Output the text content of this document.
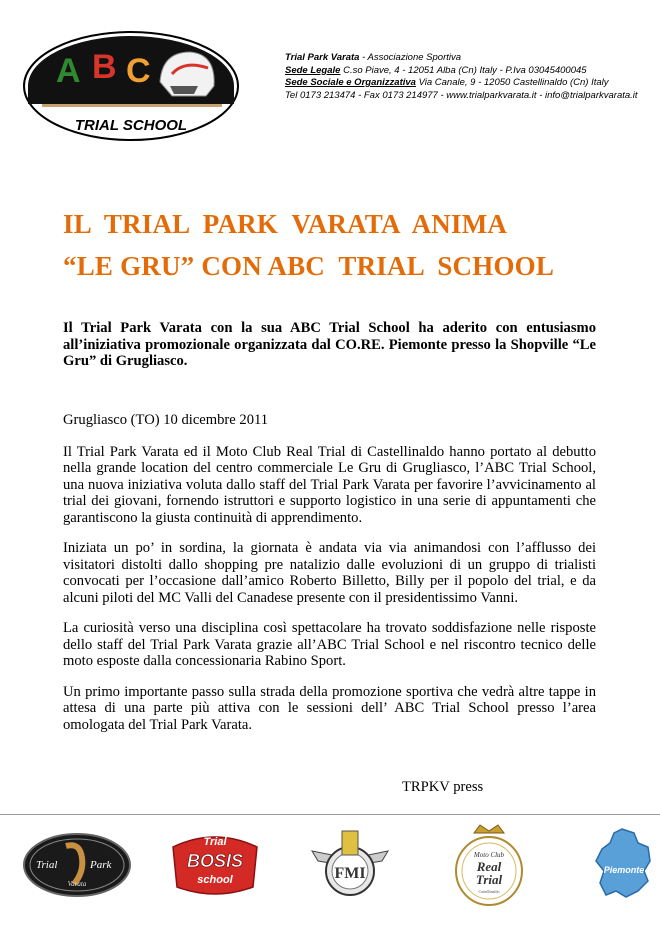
A B C
TRIAL SCHOOL
Trial Park Varata - Associazione Sportiva
Sede Legale C.so Piave, 4 - 12051 Alba (Cn) Italy - P.Iva 03045400045
Sede Sociale e Organizzativa Via Canale, 9 - 12050 Castellinaldo (Cn) Italy
Tel 0173 213474 - Fax 0173 214977 - www.trialparkvarata.it - info@trialparkvarata.it
IL  TRIAL  PARK  VARATA  ANIMA
“LE GRU” CON ABC  TRIAL  SCHOOL

Il Trial Park Varata con la sua ABC Trial School ha aderito con entusiasmo all’iniziativa promozionale organizzata dal CO.RE. Piemonte presso la Shopville “Le Gru” di Grugliasco.

Grugliasco (TO) 10 dicembre 2011

Il Trial Park Varata ed il Moto Club Real Trial di Castellinaldo hanno portato al debutto nella grande location del centro commerciale Le Gru di Grugliasco, l’ABC Trial School, una nuova iniziativa voluta dallo staff del Trial Park Varata per favorire l’avvicinamento al trial dei giovani, fornendo istruttori e supporto logistico in una serie di appuntamenti che garantiscono la giusta continuità di apprendimento.

Iniziata un po’ in sordina, la giornata è andata via via animandosi con l’afflusso dei visitatori distolti dallo shopping pre natalizio dalle evoluzioni di un gruppo di trialisti convocati per l’occasione dall’amico Roberto Billetto, Billy per il popolo del trial, e da alcuni piloti del MC Valli del Canadese presente con il presidentissimo Vanni.

La curiosità verso una disciplina così spettacolare ha trovato soddisfazione nelle risposte dello staff del Trial Park Varata grazie all’ABC Trial School e nel riscontro tecnico delle moto esposte dalla concessionaria Rabino Sport.

Un primo importante passo sulla strada della promozione sportiva che vedrà altre tappe in attesa di una parte più attiva con le sessioni dell’ ABC Trial School presso l’area omologata del Trial Park Varata.

TRPKV press
Trial	Park
Varata
Trial
BOSIS
school	FMI
Moto Club
Real
Trial
Castellinaldo
Piemonte
